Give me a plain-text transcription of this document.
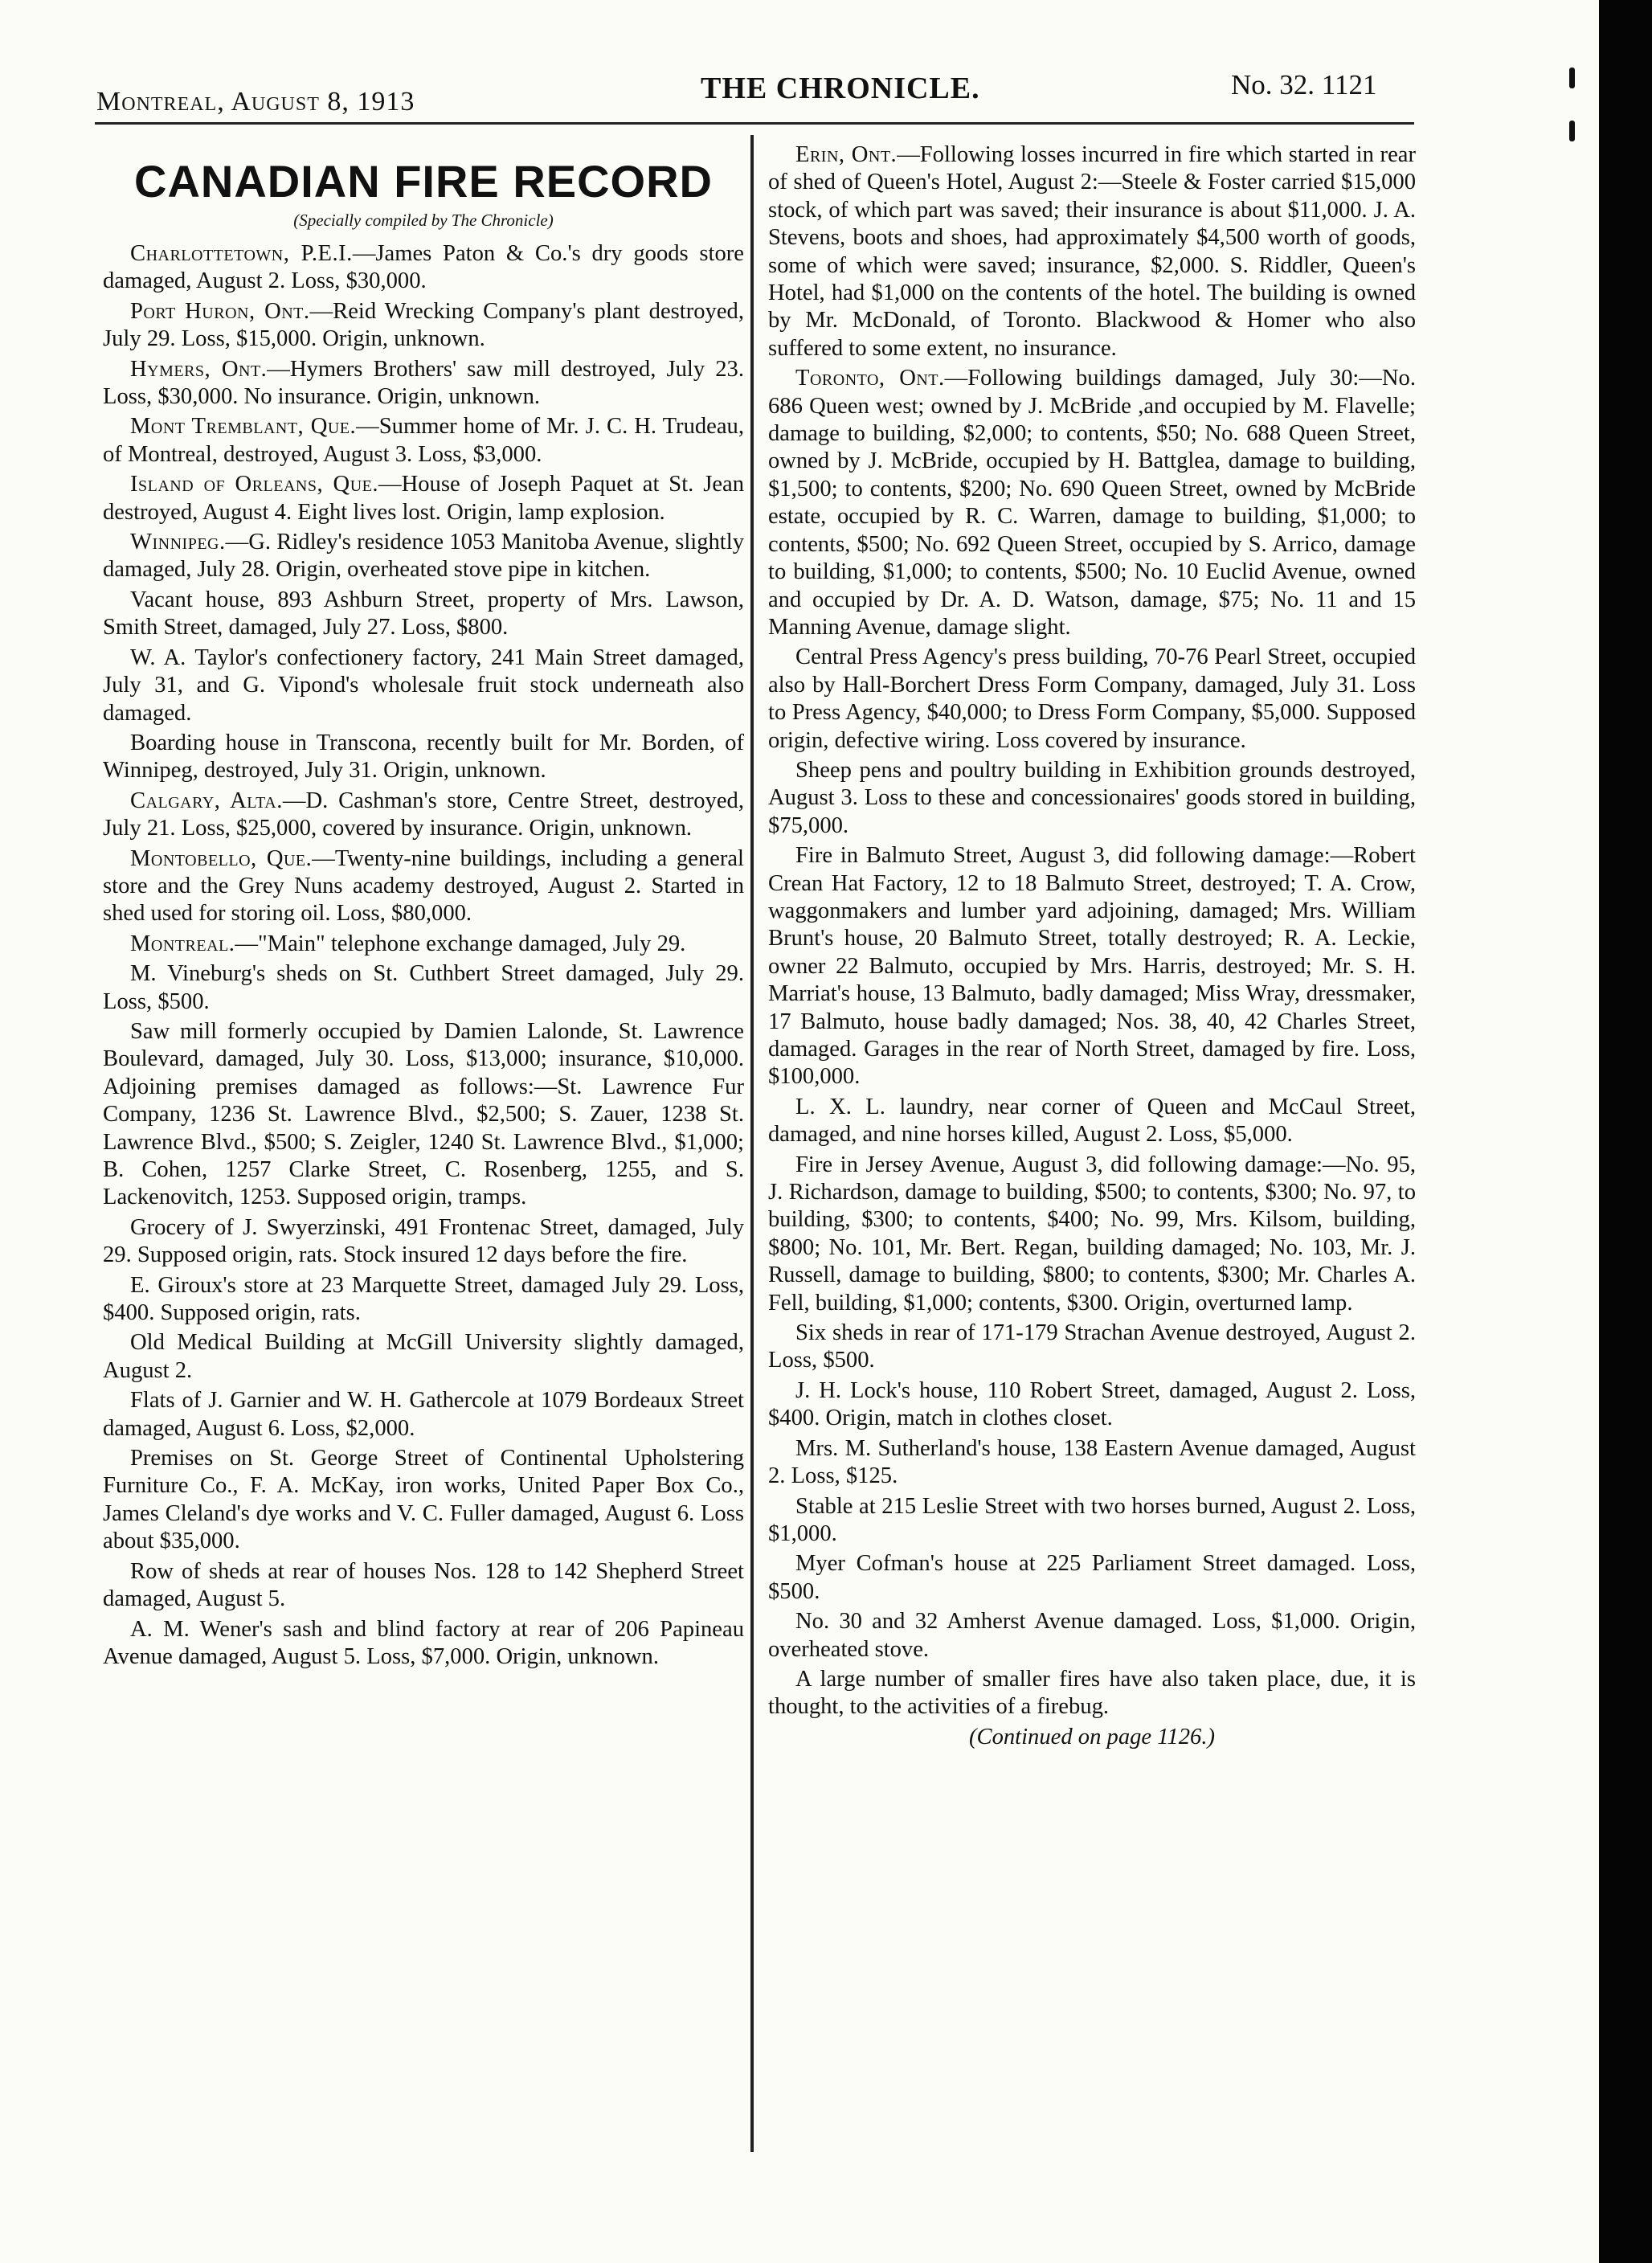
Montreal, August 8, 1913	THE CHRONICLE.	No. 32. 1121
CANADIAN FIRE RECORD
(Specially compiled by The Chronicle)

Charlottetown, P.E.I.—James Paton & Co.'s dry goods store damaged, August 2. Loss, $30,000.

Port Huron, Ont.—Reid Wrecking Company's plant destroyed, July 29. Loss, $15,000. Origin, unknown.

Hymers, Ont.—Hymers Brothers' saw mill destroyed, July 23. Loss, $30,000. No insurance. Origin, unknown.

Mont Tremblant, Que.—Summer home of Mr. J. C. H. Trudeau, of Montreal, destroyed, August 3. Loss, $3,000.

Island of Orleans, Que.—House of Joseph Paquet at St. Jean destroyed, August 4. Eight lives lost. Origin, lamp explosion.

Winnipeg.—G. Ridley's residence 1053 Manitoba Avenue, slightly damaged, July 28. Origin, overheated stove pipe in kitchen.

Vacant house, 893 Ashburn Street, property of Mrs. Lawson, Smith Street, damaged, July 27. Loss, $800.

W. A. Taylor's confectionery factory, 241 Main Street damaged, July 31, and G. Vipond's wholesale fruit stock underneath also damaged.

Boarding house in Transcona, recently built for Mr. Borden, of Winnipeg, destroyed, July 31. Origin, unknown.

Calgary, Alta.—D. Cashman's store, Centre Street, destroyed, July 21. Loss, $25,000, covered by insurance. Origin, unknown.

Montobello, Que.—Twenty-nine buildings, including a general store and the Grey Nuns academy destroyed, August 2. Started in shed used for storing oil. Loss, $80,000.

Montreal.—"Main" telephone exchange damaged, July 29.

M. Vineburg's sheds on St. Cuthbert Street damaged, July 29. Loss, $500.

Saw mill formerly occupied by Damien Lalonde, St. Lawrence Boulevard, damaged, July 30. Loss, $13,000; insurance, $10,000. Adjoining premises damaged as follows:—St. Lawrence Fur Company, 1236 St. Lawrence Blvd., $2,500; S. Zauer, 1238 St. Lawrence Blvd., $500; S. Zeigler, 1240 St. Lawrence Blvd., $1,000; B. Cohen, 1257 Clarke Street, C. Rosenberg, 1255, and S. Lackenovitch, 1253. Supposed origin, tramps.

Grocery of J. Swyerzinski, 491 Frontenac Street, damaged, July 29. Supposed origin, rats. Stock insured 12 days before the fire.

E. Giroux's store at 23 Marquette Street, damaged July 29. Loss, $400. Supposed origin, rats.

Old Medical Building at McGill University slightly damaged, August 2.

Flats of J. Garnier and W. H. Gathercole at 1079 Bordeaux Street damaged, August 6. Loss, $2,000.

Premises on St. George Street of Continental Upholstering Furniture Co., F. A. McKay, iron works, United Paper Box Co., James Cleland's dye works and V. C. Fuller damaged, August 6. Loss about $35,000.

Row of sheds at rear of houses Nos. 128 to 142 Shepherd Street damaged, August 5.

A. M. Wener's sash and blind factory at rear of 206 Papineau Avenue damaged, August 5. Loss, $7,000. Origin, unknown.

Erin, Ont.—Following losses incurred in fire which started in rear of shed of Queen's Hotel, August 2:—Steele & Foster carried $15,000 stock, of which part was saved; their insurance is about $11,000. J. A. Stevens, boots and shoes, had approximately $4,500 worth of goods, some of which were saved; insurance, $2,000. S. Riddler, Queen's Hotel, had $1,000 on the contents of the hotel. The building is owned by Mr. McDonald, of Toronto. Blackwood & Homer who also suffered to some extent, no insurance.

Toronto, Ont.—Following buildings damaged, July 30:—No. 686 Queen west; owned by J. McBride ,and occupied by M. Flavelle; damage to building, $2,000; to contents, $50; No. 688 Queen Street, owned by J. McBride, occupied by H. Battglea, damage to building, $1,500; to contents, $200; No. 690 Queen Street, owned by McBride estate, occupied by R. C. Warren, damage to building, $1,000; to contents, $500; No. 692 Queen Street, occupied by S. Arrico, damage to building, $1,000; to contents, $500; No. 10 Euclid Avenue, owned and occupied by Dr. A. D. Watson, damage, $75; No. 11 and 15 Manning Avenue, damage slight.

Central Press Agency's press building, 70-76 Pearl Street, occupied also by Hall-Borchert Dress Form Company, damaged, July 31. Loss to Press Agency, $40,000; to Dress Form Company, $5,000. Supposed origin, defective wiring. Loss covered by insurance.

Sheep pens and poultry building in Exhibition grounds destroyed, August 3. Loss to these and concessionaires' goods stored in building, $75,000.

Fire in Balmuto Street, August 3, did following damage:—Robert Crean Hat Factory, 12 to 18 Balmuto Street, destroyed; T. A. Crow, waggonmakers and lumber yard adjoining, damaged; Mrs. William Brunt's house, 20 Balmuto Street, totally destroyed; R. A. Leckie, owner 22 Balmuto, occupied by Mrs. Harris, destroyed; Mr. S. H. Marriat's house, 13 Balmuto, badly damaged; Miss Wray, dressmaker, 17 Balmuto, house badly damaged; Nos. 38, 40, 42 Charles Street, damaged. Garages in the rear of North Street, damaged by fire. Loss, $100,000.

L. X. L. laundry, near corner of Queen and McCaul Street, damaged, and nine horses killed, August 2. Loss, $5,000.

Fire in Jersey Avenue, August 3, did following damage:—No. 95, J. Richardson, damage to building, $500; to contents, $300; No. 97, to building, $300; to contents, $400; No. 99, Mrs. Kilsom, building, $800; No. 101, Mr. Bert. Regan, building damaged; No. 103, Mr. J. Russell, damage to building, $800; to contents, $300; Mr. Charles A. Fell, building, $1,000; contents, $300. Origin, overturned lamp.

Six sheds in rear of 171-179 Strachan Avenue destroyed, August 2. Loss, $500.

J. H. Lock's house, 110 Robert Street, damaged, August 2. Loss, $400. Origin, match in clothes closet.

Mrs. M. Sutherland's house, 138 Eastern Avenue damaged, August 2. Loss, $125.

Stable at 215 Leslie Street with two horses burned, August 2. Loss, $1,000.

Myer Cofman's house at 225 Parliament Street damaged. Loss, $500.

No. 30 and 32 Amherst Avenue damaged. Loss, $1,000. Origin, overheated stove.

A large number of smaller fires have also taken place, due, it is thought, to the activities of a firebug.

(Continued on page 1126.)
